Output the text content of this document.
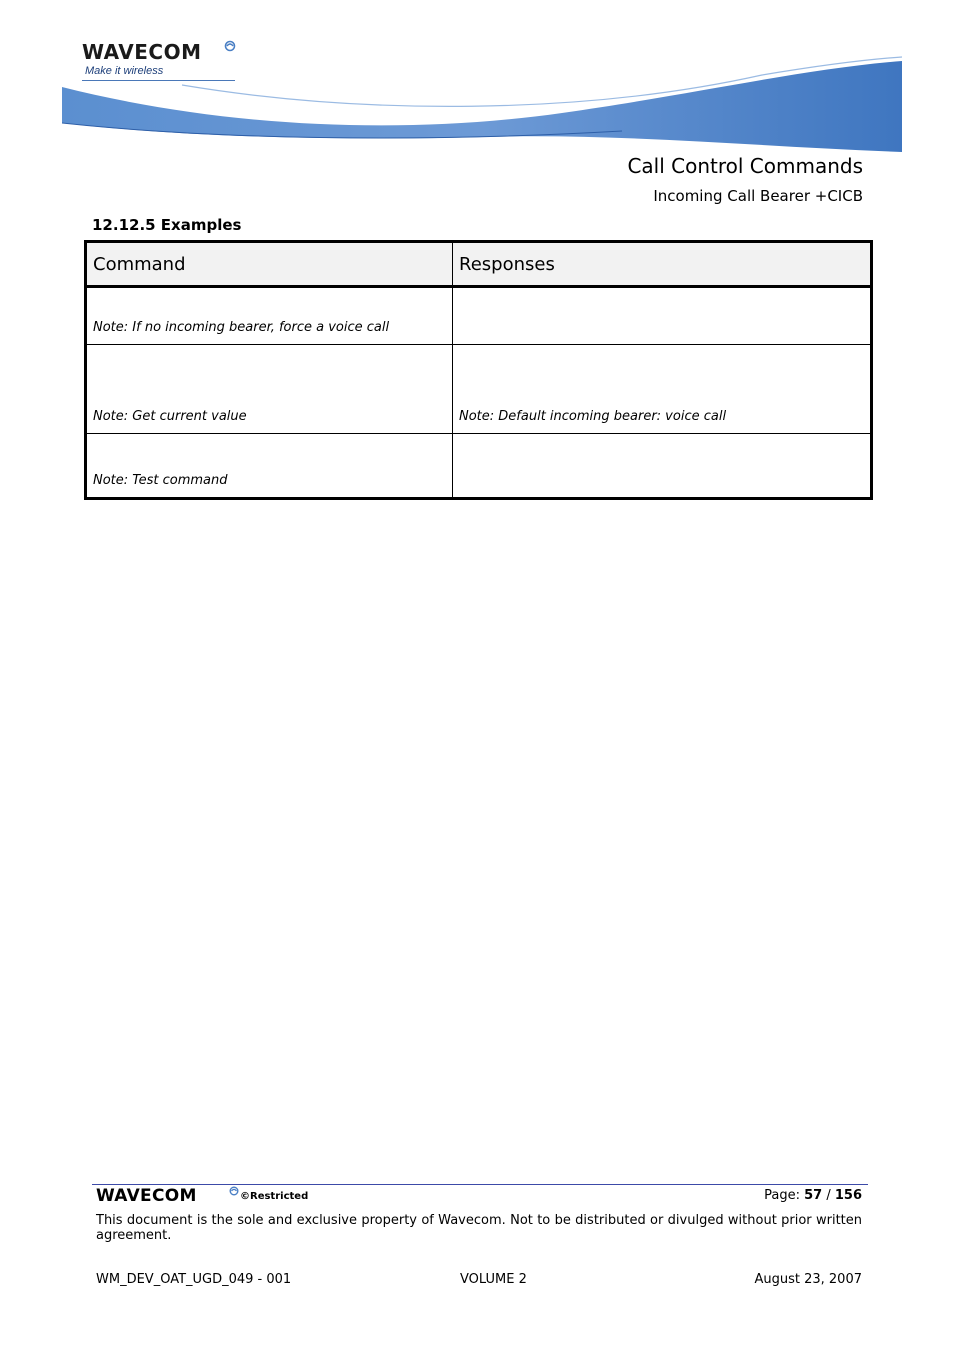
WAVECOM
Make it wireless
Call Control Commands
Incoming Call Bearer +CICB
12.12.5 Examples
Command	Responses
Note: If no incoming bearer, force a voice call	
Note: Get current value	Note: Default incoming bearer: voice call
Note: Test command	
WAVECOM	©Restricted	Page: 57 / 156
This document is the sole and exclusive property of Wavecom. Not to be distributed or divulged without prior written agreement.
WM_DEV_OAT_UGD_049 - 001	VOLUME 2	August 23, 2007
